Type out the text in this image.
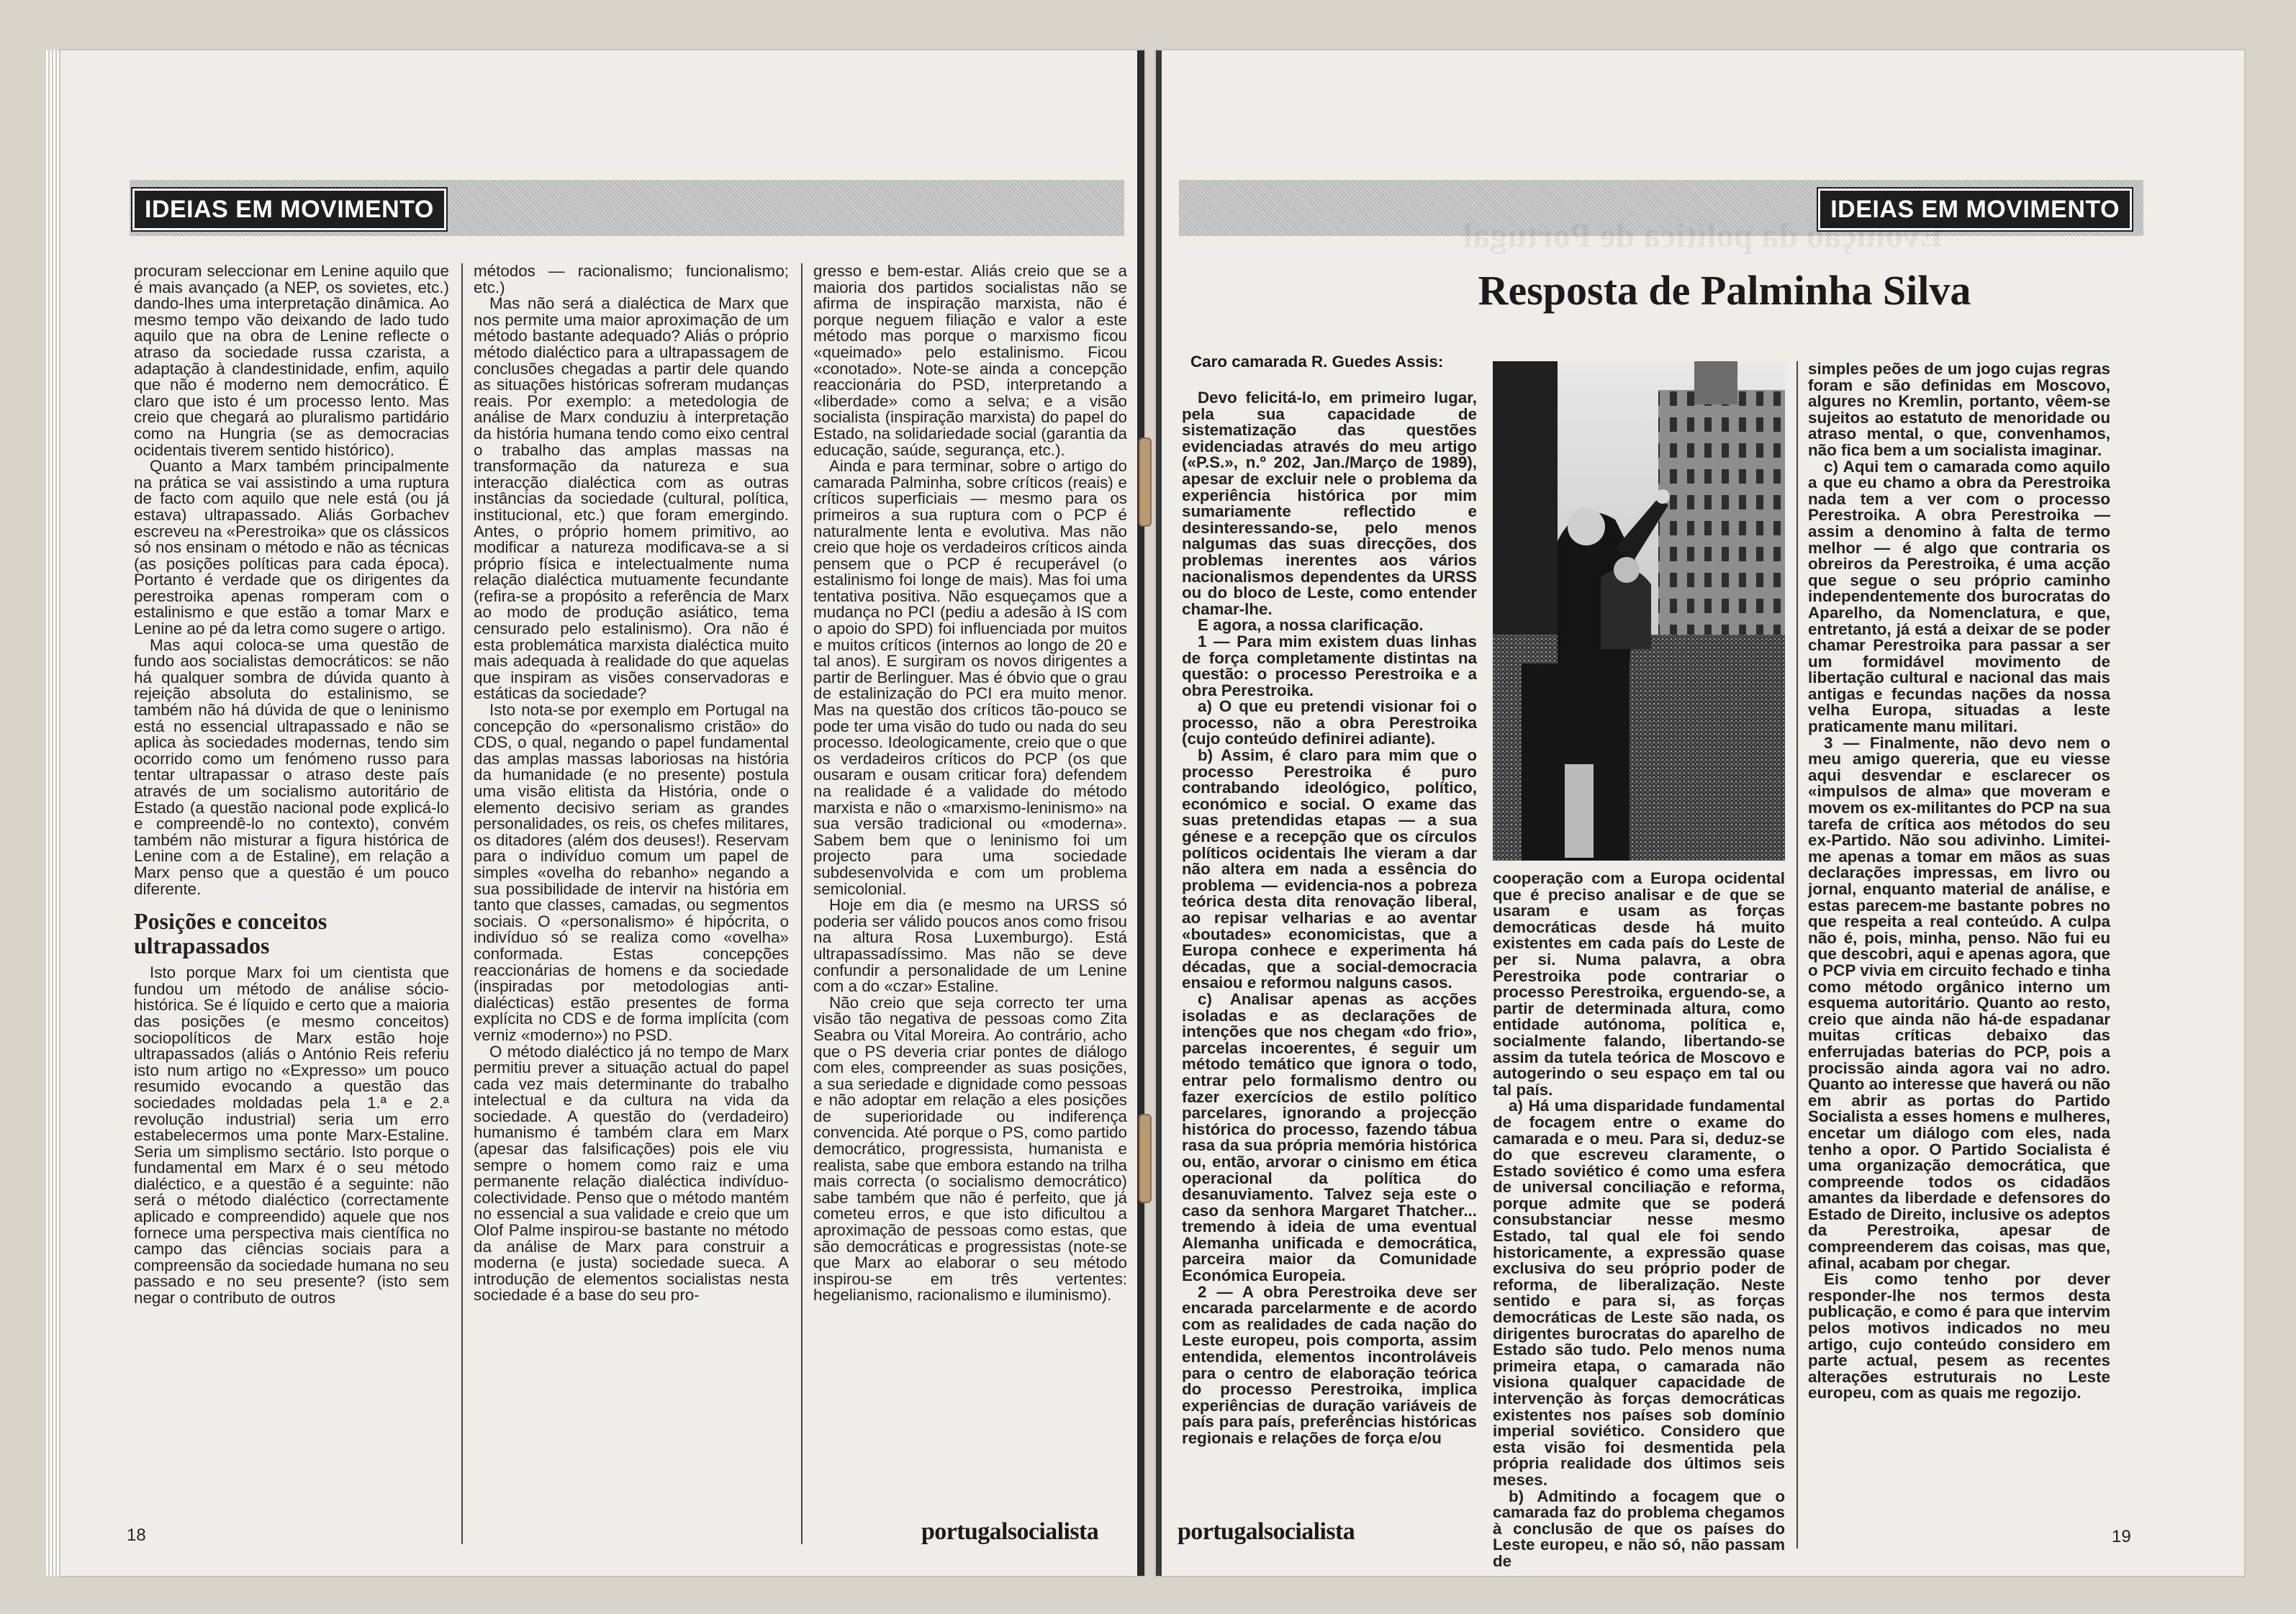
IDEIAS EM MOVIMENTO

procuram seleccionar em Lenine aquilo que é mais avançado (a NEP, os sovietes, etc.) dando-lhes uma interpretação dinâmica. Ao mesmo tempo vão deixando de lado tudo aquilo que na obra de Lenine reflecte o atraso da sociedade russa czarista, a adaptação à clandestinidade, enfim, aquilo que não é moderno nem democrático. É claro que isto é um processo lento. Mas creio que chegará ao pluralismo partidário como na Hungria (se as democracias ocidentais tiverem sentido histórico).

Quanto a Marx também principalmente na prática se vai assistindo a uma ruptura de facto com aquilo que nele está (ou já estava) ultrapassado. Aliás Gorbachev escreveu na «Perestroika» que os clássicos só nos ensinam o método e não as técnicas (as posições políticas para cada época). Portanto é verdade que os dirigentes da perestroika apenas romperam com o estalinismo e que estão a tomar Marx e Lenine ao pé da letra como sugere o artigo.

Mas aqui coloca-se uma questão de fundo aos socialistas democráticos: se não há qualquer sombra de dúvida quanto à rejeição absoluta do estalinismo, se também não há dúvida de que o leninismo está no essencial ultrapassado e não se aplica às sociedades modernas, tendo sim ocorrido como um fenómeno russo para tentar ultrapassar o atraso deste país através de um socialismo autoritário de Estado (a questão nacional pode explicá-lo e compreendê-lo no contexto), convém também não misturar a figura histórica de Lenine com a de Estaline), em relação a Marx penso que a questão é um pouco diferente.

Posições e conceitos ultrapassados

Isto porque Marx foi um cientista que fundou um método de análise sócio-histórica. Se é líquido e certo que a maioria das posições (e mesmo conceitos) sociopolíticos de Marx estão hoje ultrapassados (aliás o António Reis referiu isto num artigo no «Expresso» um pouco resumido evocando a questão das sociedades moldadas pela 1.ª e 2.ª revolução industrial) seria um erro estabelecermos uma ponte Marx-Estaline. Seria um simplismo sectário. Isto porque o fundamental em Marx é o seu método dialéctico, e a questão é a seguinte: não será o método dialéctico (correctamente aplicado e compreendido) aquele que nos fornece uma perspectiva mais científica no campo das ciências sociais para a compreensão da sociedade humana no seu passado e no seu presente? (isto sem negar o contributo de outros

métodos — racionalismo; funcionalismo; etc.)

Mas não será a dialéctica de Marx que nos permite uma maior aproximação de um método bastante adequado? Aliás o próprio método dialéctico para a ultrapassagem de conclusões chegadas a partir dele quando as situações históricas sofreram mudanças reais. Por exemplo: a metedologia de análise de Marx conduziu à interpretação da história humana tendo como eixo central o trabalho das amplas massas na transformação da natureza e sua interacção dialéctica com as outras instâncias da sociedade (cultural, política, institucional, etc.) que foram emergindo. Antes, o próprio homem primitivo, ao modificar a natureza modificava-se a si próprio física e intelectualmente numa relação dialéctica mutuamente fecundante (refira-se a propósito a referência de Marx ao modo de produção asiático, tema censurado pelo estalinismo). Ora não é esta problemática marxista dialéctica muito mais adequada à realidade do que aquelas que inspiram as visões conservadoras e estáticas da sociedade?

Isto nota-se por exemplo em Portugal na concepção do «personalismo cristão» do CDS, o qual, negando o papel fundamental das amplas massas laboriosas na história da humanidade (e no presente) postula uma visão elitista da História, onde o elemento decisivo seriam as grandes personalidades, os reis, os chefes militares, os ditadores (além dos deuses!). Reservam para o indivíduo comum um papel de simples «ovelha do rebanho» negando a sua possibilidade de intervir na história em tanto que classes, camadas, ou segmentos sociais. O «personalismo» é hipócrita, o indivíduo só se realiza como «ovelha» conformada. Estas concepções reaccionárias de homens e da sociedade (inspiradas por metodologias anti-dialécticas) estão presentes de forma explícita no CDS e de forma implícita (com verniz «moderno») no PSD.

O método dialéctico já no tempo de Marx permitiu prever a situação actual do papel cada vez mais determinante do trabalho intelectual e da cultura na vida da sociedade. A questão do (verdadeiro) humanismo é também clara em Marx (apesar das falsificações) pois ele viu sempre o homem como raiz e uma permanente relação dialéctica indivíduo-colectividade. Penso que o método mantém no essencial a sua validade e creio que um Olof Palme inspirou-se bastante no método da análise de Marx para construir a moderna (e justa) sociedade sueca. A introdução de elementos socialistas nesta sociedade é a base do seu pro-

gresso e bem-estar. Aliás creio que se a maioria dos partidos socialistas não se afirma de inspiração marxista, não é porque neguem filiação e valor a este método mas porque o marxismo ficou «queimado» pelo estalinismo. Ficou «conotado». Note-se ainda a concepção reaccionária do PSD, interpretando a «liberdade» como a selva; e a visão socialista (inspiração marxista) do papel do Estado, na solidariedade social (garantia da educação, saúde, segurança, etc.).

Ainda e para terminar, sobre o artigo do camarada Palminha, sobre críticos (reais) e críticos superficiais — mesmo para os primeiros a sua ruptura com o PCP é naturalmente lenta e evolutiva. Mas não creio que hoje os verdadeiros críticos ainda pensem que o PCP é recuperável (o estalinismo foi longe de mais). Mas foi uma tentativa positiva. Não esqueçamos que a mudança no PCI (pediu a adesão à IS com o apoio do SPD) foi influenciada por muitos e muitos críticos (internos ao longo de 20 e tal anos). E surgiram os novos dirigentes a partir de Berlinguer. Mas é óbvio que o grau de estalinização do PCI era muito menor. Mas na questão dos críticos tão-pouco se pode ter uma visão do tudo ou nada do seu processo. Ideologicamente, creio que o que os verdadeiros críticos do PCP (os que ousaram e ousam criticar fora) defendem na realidade é a validade do método marxista e não o «marxismo-leninismo» na sua versão tradicional ou «moderna». Sabem bem que o leninismo foi um projecto para uma sociedade subdesenvolvida e com um problema semicolonial.

Hoje em dia (e mesmo na URSS só poderia ser válido poucos anos como frisou na altura Rosa Luxemburgo). Está ultrapassadíssimo. Mas não se deve confundir a personalidade de um Lenine com a do «czar» Estaline.

Não creio que seja correcto ter uma visão tão negativa de pessoas como Zita Seabra ou Vital Moreira. Ao contrário, acho que o PS deveria criar pontes de diálogo com eles, compreender as suas posições, a sua seriedade e dignidade como pessoas e não adoptar em relação a eles posições de superioridade ou indiferença convencida. Até porque o PS, como partido democrático, progressista, humanista e realista, sabe que embora estando na trilha mais correcta (o socialismo democrático) sabe também que não é perfeito, que já cometeu erros, e que isto dificultou a aproximação de pessoas como estas, que são democráticas e progressistas (note-se que Marx ao elaborar o seu método inspirou-se em três vertentes: hegelianismo, racionalismo e iluminismo).

18	portugalsocialista
IDEIAS EM MOVIMENTO
Evolução da política de Portugal
Resposta de Palminha Silva
Caro camarada R. Guedes Assis:

Devo felicitá-lo, em primeiro lugar, pela sua capacidade de sistematização das questões evidenciadas através do meu artigo («P.S.», n.º 202, Jan./Março de 1989), apesar de excluir nele o problema da experiência histórica por mim sumariamente reflectido e desinteressando-se, pelo menos nalgumas das suas direcções, dos problemas inerentes aos vários nacionalismos dependentes da URSS ou do bloco de Leste, como entender chamar-lhe.

E agora, a nossa clarificação.

1 — Para mim existem duas linhas de força completamente distintas na questão: o processo Perestroika e a obra Perestroika.

a) O que eu pretendi visionar foi o processo, não a obra Perestroika (cujo conteúdo definirei adiante).

b) Assim, é claro para mim que o processo Perestroika é puro contrabando ideológico, político, económico e social. O exame das suas pretendidas etapas — a sua génese e a recepção que os círculos políticos ocidentais lhe vieram a dar não altera em nada a essência do problema — evidencia-nos a pobreza teórica desta dita renovação liberal, ao repisar velharias e ao aventar «boutades» economicistas, que a Europa conhece e experimenta há décadas, que a social-democracia ensaiou e reformou nalguns casos.

c) Analisar apenas as acções isoladas e as declarações de intenções que nos chegam «do frio», parcelas incoerentes, é seguir um método temático que ignora o todo, entrar pelo formalismo dentro ou fazer exercícios de estilo político parcelares, ignorando a projecção histórica do processo, fazendo tábua rasa da sua própria memória histórica ou, então, arvorar o cinismo em ética operacional da política do desanuviamento. Talvez seja este o caso da senhora Margaret Thatcher... tremendo à ideia de uma eventual Alemanha unificada e democrática, parceira maior da Comunidade Económica Europeia.

2 — A obra Perestroika deve ser encarada parcelarmente e de acordo com as realidades de cada nação do Leste europeu, pois comporta, assim entendida, elementos incontroláveis para o centro de elaboração teórica do processo Perestroika, implica experiências de duração variáveis de país para país, preferências históricas regionais e relações de força e/ou

cooperação com a Europa ocidental que é preciso analisar e de que se usaram e usam as forças democráticas desde há muito existentes em cada país do Leste de per si. Numa palavra, a obra Perestroika pode contrariar o processo Perestroika, erguendo-se, a partir de determinada altura, como entidade autónoma, política e, socialmente falando, libertando-se assim da tutela teórica de Moscovo e autogerindo o seu espaço em tal ou tal país.

a) Há uma disparidade fundamental de focagem entre o exame do camarada e o meu. Para si, deduz-se do que escreveu claramente, o Estado soviético é como uma esfera de universal conciliação e reforma, porque admite que se poderá consubstanciar nesse mesmo Estado, tal qual ele foi sendo historicamente, a expressão quase exclusiva do seu próprio poder de reforma, de liberalização. Neste sentido e para si, as forças democráticas de Leste são nada, os dirigentes burocratas do aparelho de Estado são tudo. Pelo menos numa primeira etapa, o camarada não visiona qualquer capacidade de intervenção às forças democráticas existentes nos países sob domínio imperial soviético. Considero que esta visão foi desmentida pela própria realidade dos últimos seis meses.

b) Admitindo a focagem que o camarada faz do problema chegamos à conclusão de que os países do Leste europeu, e não só, não passam de

simples peões de um jogo cujas regras foram e são definidas em Moscovo, algures no Kremlin, portanto, vêem-se sujeitos ao estatuto de menoridade ou atraso mental, o que, convenhamos, não fica bem a um socialista imaginar.

c) Aqui tem o camarada como aquilo a que eu chamo a obra da Perestroika nada tem a ver com o processo Perestroika. A obra Perestroika — assim a denomino à falta de termo melhor — é algo que contraria os obreiros da Perestroika, é uma acção que segue o seu próprio caminho independentemente dos burocratas do Aparelho, da Nomenclatura, e que, entretanto, já está a deixar de se poder chamar Perestroika para passar a ser um formidável movimento de libertação cultural e nacional das mais antigas e fecundas nações da nossa velha Europa, situadas a leste praticamente manu militari.

3 — Finalmente, não devo nem o meu amigo quereria, que eu viesse aqui desvendar e esclarecer os «impulsos de alma» que moveram e movem os ex-militantes do PCP na sua tarefa de crítica aos métodos do seu ex-Partido. Não sou adivinho. Limitei-me apenas a tomar em mãos as suas declarações impressas, em livro ou jornal, enquanto material de análise, e estas parecem-me bastante pobres no que respeita a real conteúdo. A culpa não é, pois, minha, penso. Não fui eu que descobri, aqui e apenas agora, que o PCP vivia em circuito fechado e tinha como método orgânico interno um esquema autoritário. Quanto ao resto, creio que ainda não há-de espadanar muitas críticas debaixo das enferrujadas baterias do PCP, pois a procissão ainda agora vai no adro. Quanto ao interesse que haverá ou não em abrir as portas do Partido Socialista a esses homens e mulheres, encetar um diálogo com eles, nada tenho a opor. O Partido Socialista é uma organização democrática, que compreende todos os cidadãos amantes da liberdade e defensores do Estado de Direito, inclusive os adeptos da Perestroika, apesar de compreenderem das coisas, mas que, afinal, acabam por chegar.

Eis como tenho por dever responder-lhe nos termos desta publicação, e como é para que intervim pelos motivos indicados no meu artigo, cujo conteúdo considero em parte actual, pesem as recentes alterações estruturais no Leste europeu, com as quais me regozijo.

portugalsocialista	19
